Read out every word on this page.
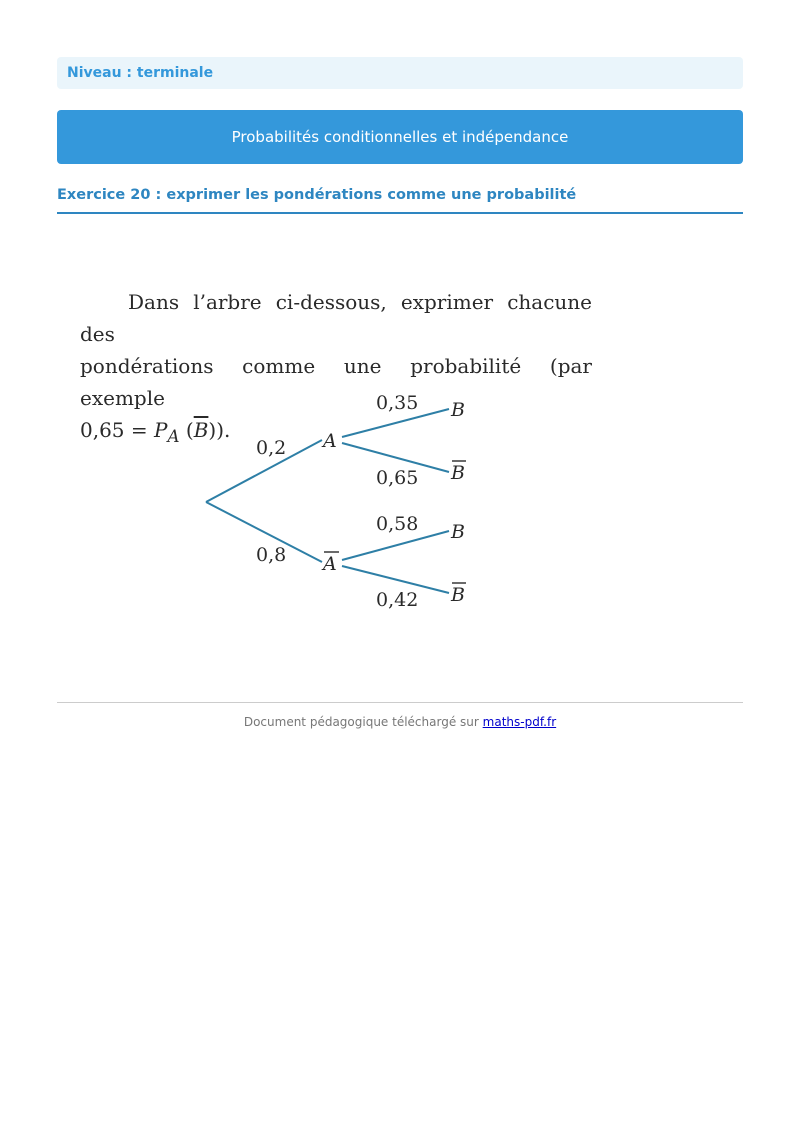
Niveau : terminale
Probabilités conditionnelles et indépendance
Exercice 20 : exprimer les pondérations comme une probabilité
Dans l’arbre ci-dessous, exprimer chacune des
pondérations comme une probabilité (par exemple
$0,65 = P_A$ $(\overline{B})$).
0,2
0,8
0,35
0,65
0,58
0,42
A
A
B
B
B
B
Document pédagogique téléchargé sur maths-pdf.fr
